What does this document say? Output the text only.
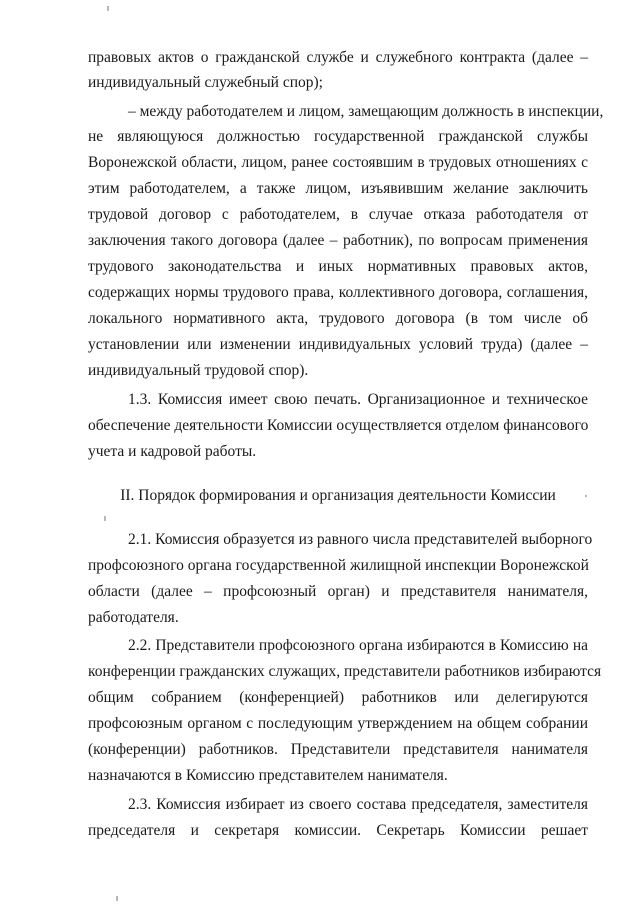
правовых актов о гражданской службе и служебного контракта (далее –
индивидуальный служебный спор);
– между работодателем и лицом, замещающим должность в инспекции,
не являющуюся должностью государственной гражданской службы
Воронежской области, лицом, ранее состоявшим в трудовых отношениях с
этим работодателем, а также лицом, изъявившим желание заключить
трудовой договор с работодателем, в случае отказа работодателя от
заключения такого договора (далее – работник), по вопросам применения
трудового законодательства и иных нормативных правовых актов,
содержащих нормы трудового права, коллективного договора, соглашения,
локального нормативного акта, трудового договора (в том числе об
установлении или изменении индивидуальных условий труда) (далее –
индивидуальный трудовой спор).
1.3. Комиссия имеет свою печать. Организационное и техническое
обеспечение деятельности Комиссии осуществляется отделом финансового
учета и кадровой работы.
II. Порядок формирования и организация деятельности Комиссии
2.1. Комиссия образуется из равного числа представителей выборного
профсоюзного органа государственной жилищной инспекции Воронежской
области (далее – профсоюзный орган) и представителя нанимателя,
работодателя.
2.2. Представители профсоюзного органа избираются в Комиссию на
конференции гражданских служащих, представители работников избираются
общим собранием (конференцией) работников или делегируются
профсоюзным органом с последующим утверждением на общем собрании
(конференции) работников. Представители представителя нанимателя
назначаются в Комиссию представителем нанимателя.
2.3. Комиссия избирает из своего состава председателя, заместителя
председателя и секретаря комиссии. Секретарь Комиссии решает
